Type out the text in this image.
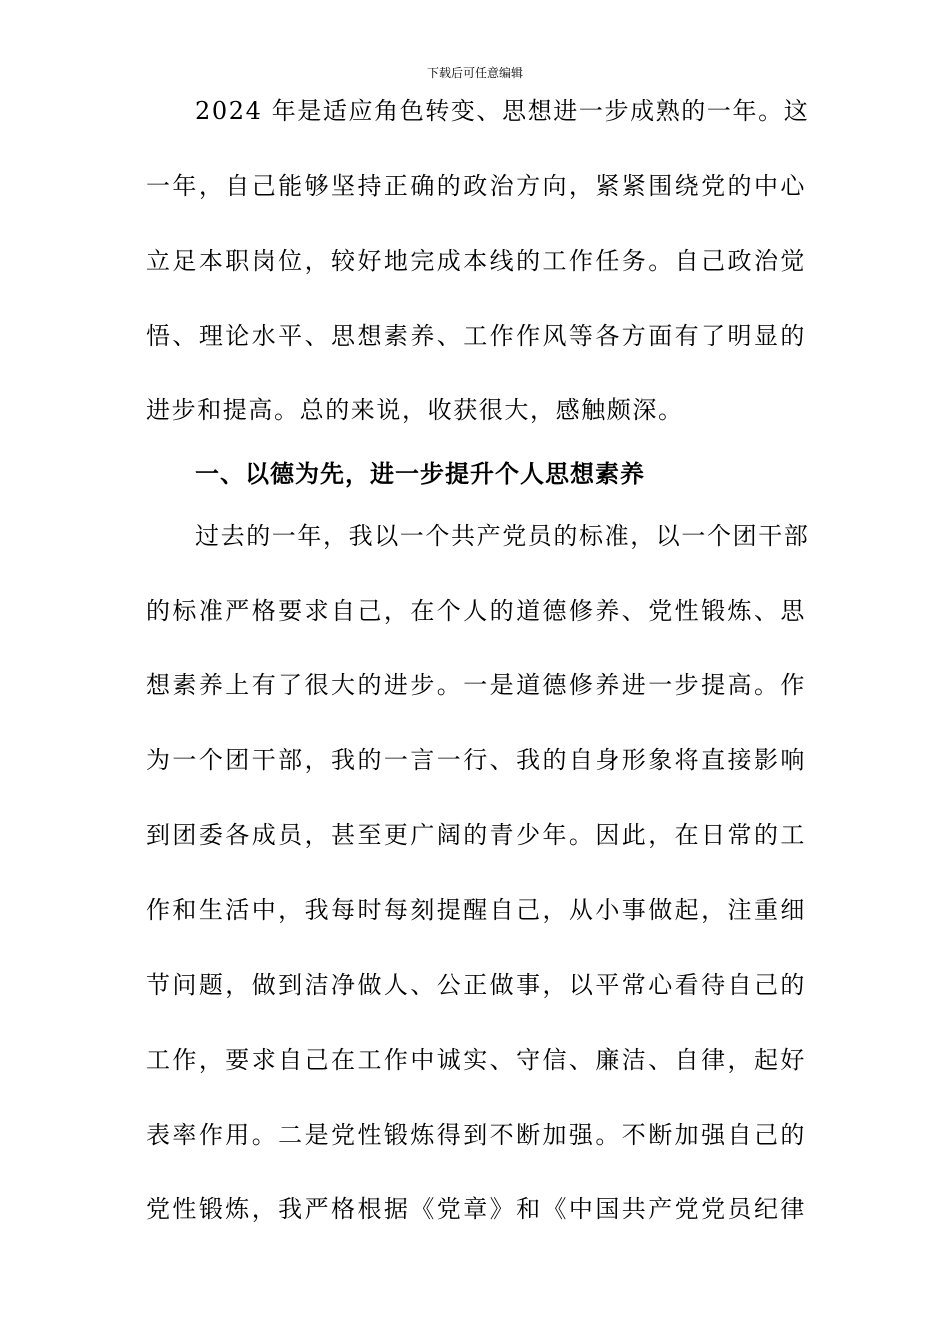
下载后可任意编辑
2024 年是适应角色转变、思想进一步成熟的一年。这
一年，自己能够坚持正确的政治方向，紧紧围绕党的中心
立足本职岗位，较好地完成本线的工作任务。自己政治觉
悟、理论水平、思想素养、工作作风等各方面有了明显的
进步和提高。总的来说，收获很大，感触颇深。
一、以德为先，进一步提升个人思想素养
过去的一年，我以一个共产党员的标准，以一个团干部
的标准严格要求自己，在个人的道德修养、党性锻炼、思
想素养上有了很大的进步。一是道德修养进一步提高。作
为一个团干部，我的一言一行、我的自身形象将直接影响
到团委各成员，甚至更广阔的青少年。因此，在日常的工
作和生活中，我每时每刻提醒自己，从小事做起，注重细
节问题，做到洁净做人、公正做事，以平常心看待自己的
工作，要求自己在工作中诚实、守信、廉洁、自律，起好
表率作用。二是党性锻炼得到不断加强。不断加强自己的
党性锻炼，我严格根据《党章》和《中国共产党党员纪律
